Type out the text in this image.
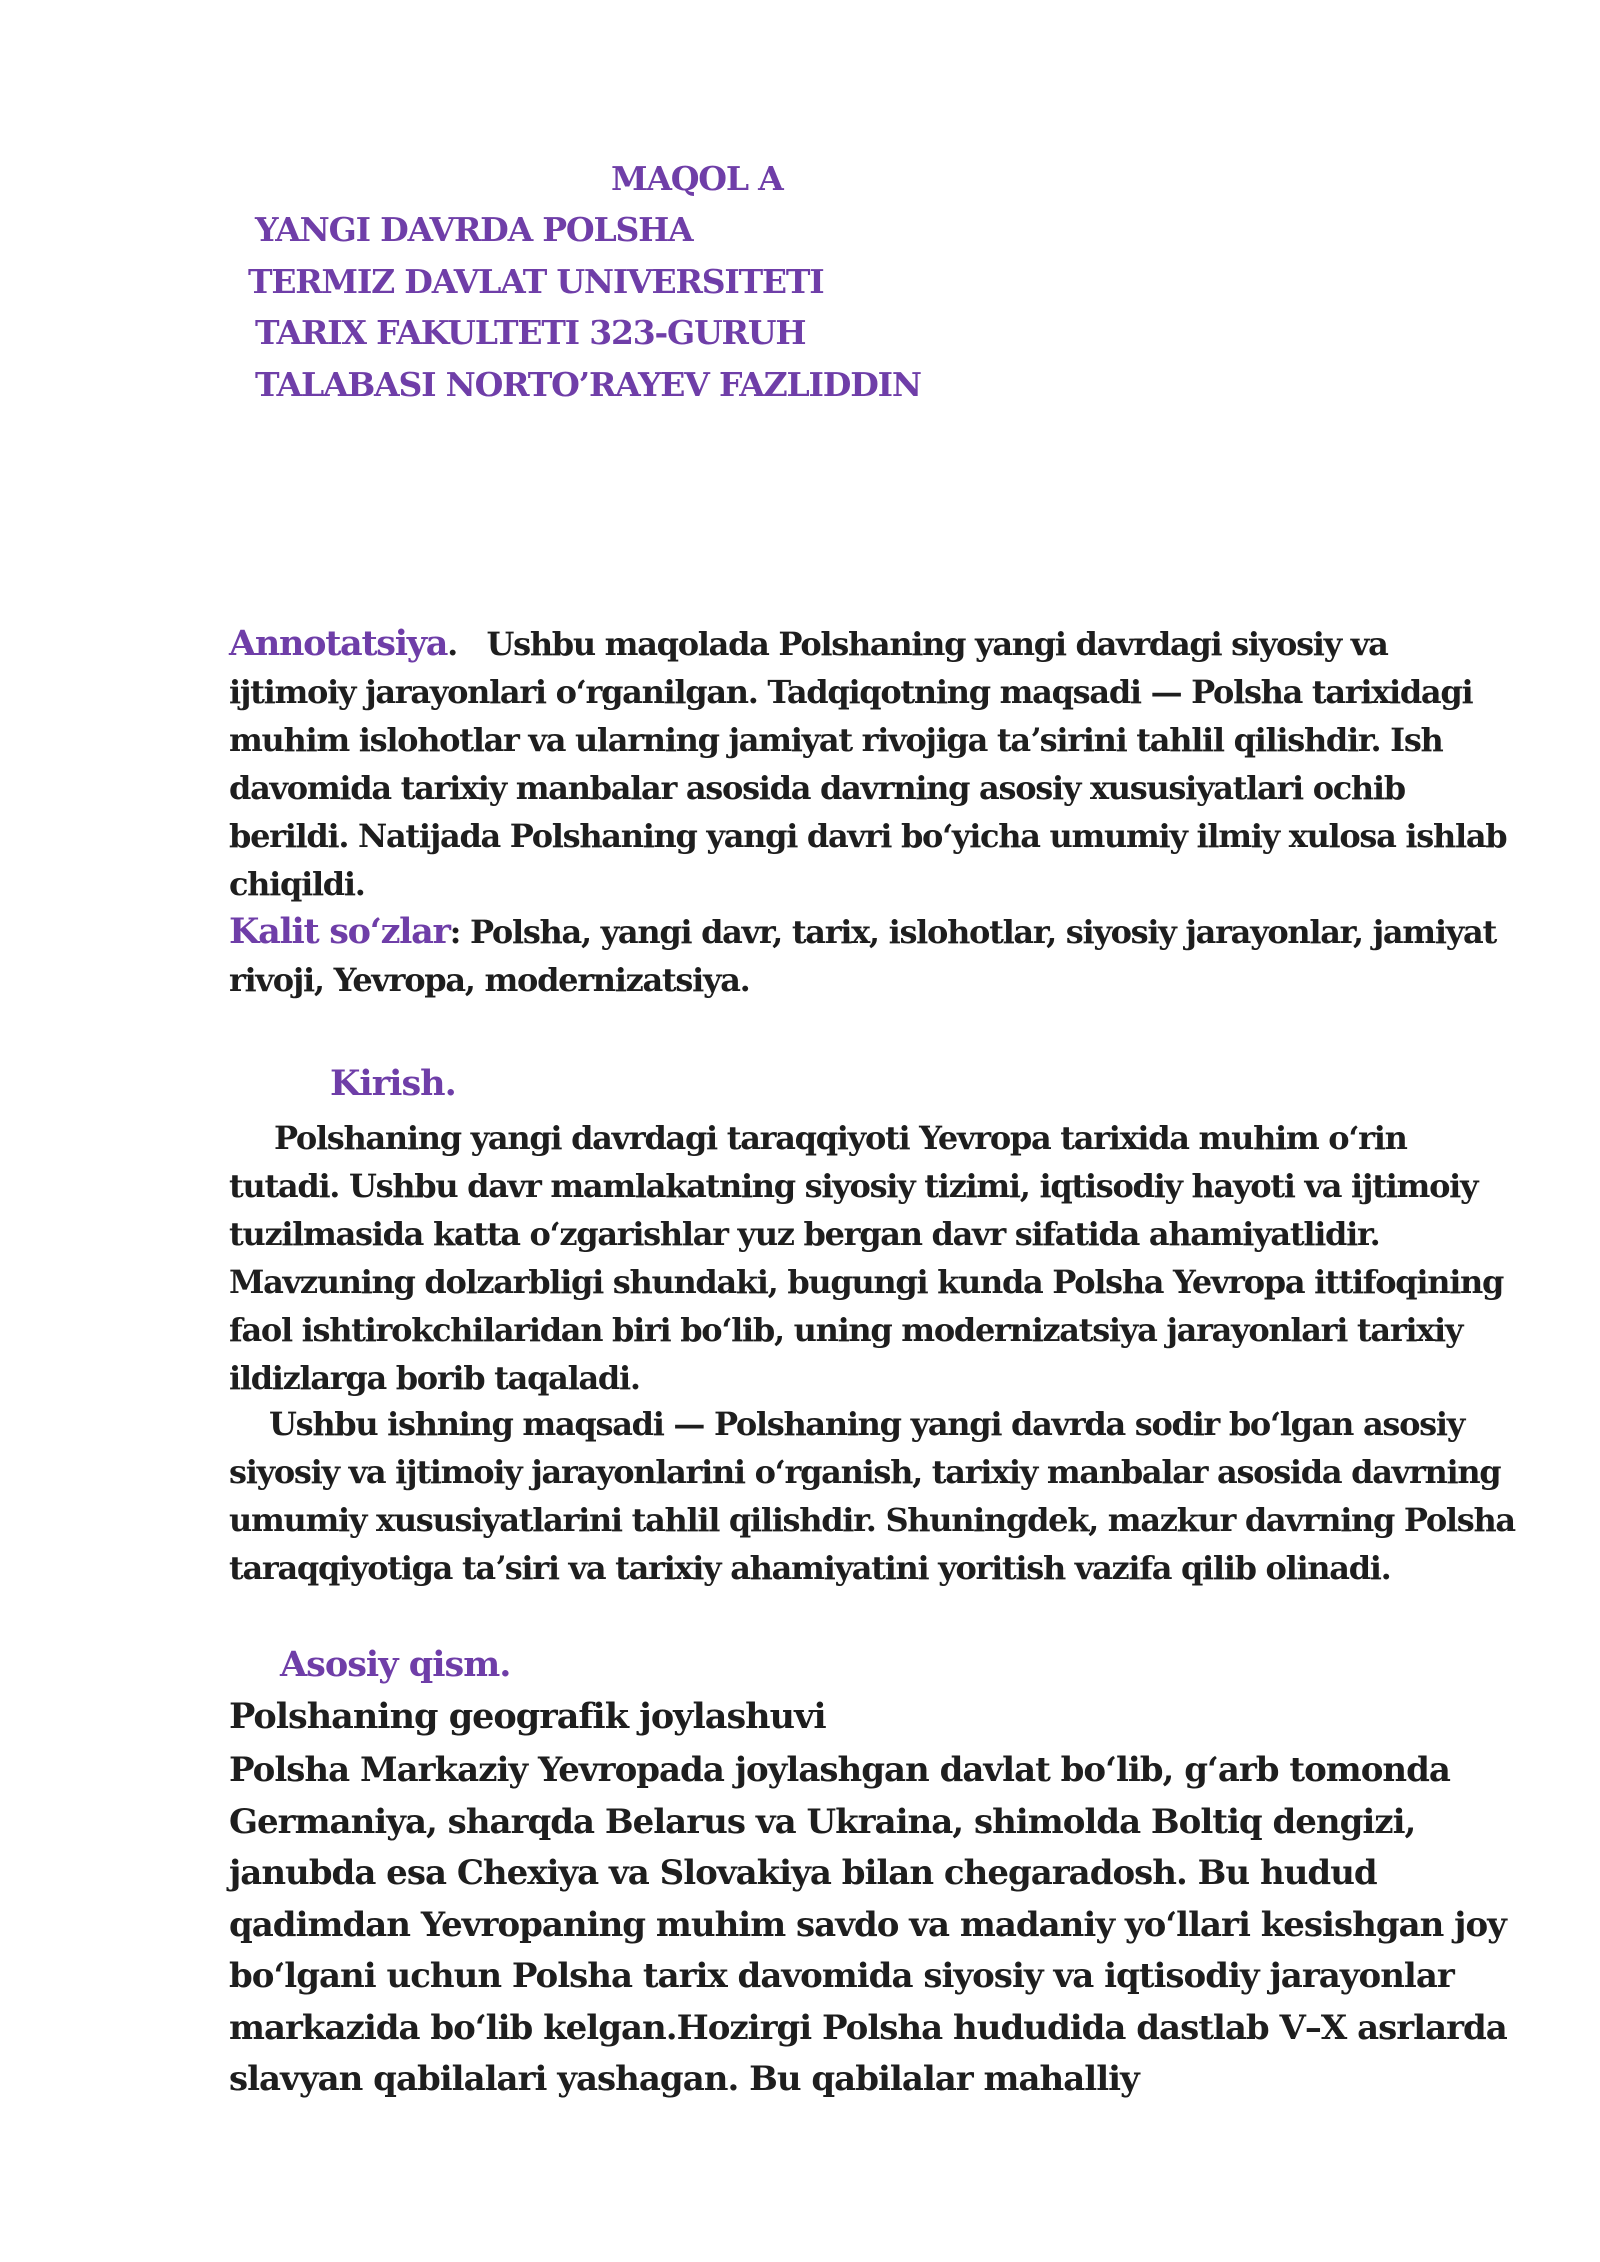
MAQOL A

YANGI DAVRDA POLSHA

TERMIZ DAVLAT UNIVERSITETI

TARIX FAKULTETI 323-GURUH

TALABASI NORTO’RAYEV FAZLIDDIN

Annotatsiya. Ushbu maqolada Polshaning yangi davrdagi siyosiy va ijtimoiy jarayonlari oʻrganilgan. Tadqiqotning maqsadi — Polsha tarixidagi muhim islohotlar va ularning jamiyat rivojiga taʼsirini tahlil qilishdir. Ish davomida tarixiy manbalar asosida davrning asosiy xususiyatlari ochib berildi. Natijada Polshaning yangi davri boʻyicha umumiy ilmiy xulosa ishlab chiqildi.

Kalit soʻzlar: Polsha, yangi davr, tarix, islohotlar, siyosiy jarayonlar, jamiyat rivoji, Yevropa, modernizatsiya.

Kirish.

Polshaning yangi davrdagi taraqqiyoti Yevropa tarixida muhim oʻrin tutadi. Ushbu davr mamlakatning siyosiy tizimi, iqtisodiy hayoti va ijtimoiy tuzilmasida katta oʻzgarishlar yuz bergan davr sifatida ahamiyatlidir. Mavzuning dolzarbligi shundaki, bugungi kunda Polsha Yevropa ittifoqining faol ishtirokchilaridan biri boʻlib, uning modernizatsiya jarayonlari tarixiy ildizlarga borib taqaladi.

Ushbu ishning maqsadi — Polshaning yangi davrda sodir boʻlgan asosiy siyosiy va ijtimoiy jarayonlarini oʻrganish, tarixiy manbalar asosida davrning umumiy xususiyatlarini tahlil qilishdir. Shuningdek, mazkur davrning Polsha taraqqiyotiga taʼsiri va tarixiy ahamiyatini yoritish vazifa qilib olinadi.

Asosiy qism.

Polshaning geografik joylashuvi

Polsha Markaziy Yevropada joylashgan davlat boʻlib, gʻarb tomonda Germaniya, sharqda Belarus va Ukraina, shimolda Boltiq dengizi, janubda esa Chexiya va Slovakiya bilan chegaradosh. Bu hudud qadimdan Yevropaning muhim savdo va madaniy yoʻllari kesishgan joy boʻlgani uchun Polsha tarix davomida siyosiy va iqtisodiy jarayonlar markazida boʻlib kelgan.Hozirgi Polsha hududida dastlab V–X asrlarda slavyan qabilalari yashagan. Bu qabilalar mahalliy
